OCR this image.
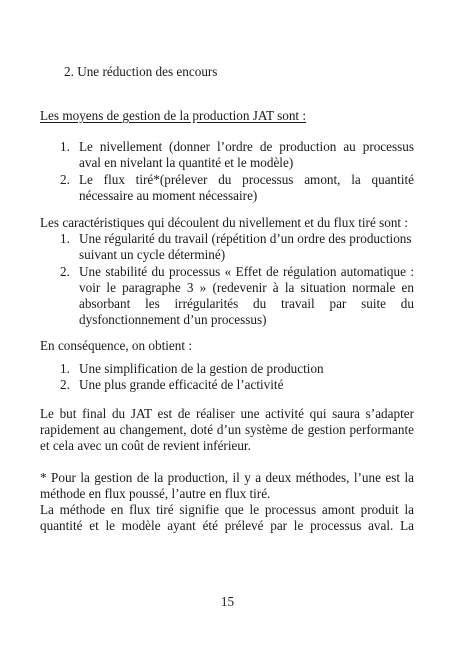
2. Une réduction des encours
Les moyens de gestion de la production JAT sont :
1. Le nivellement (donner l’ordre de production au processus
aval en nivelant la quantité et le modèle)
2. Le flux tiré*(prélever du processus amont, la quantité
nécessaire au moment nécessaire)
Les caractéristiques qui découlent du nivellement et du flux tiré sont :
1. Une régularité du travail (répétition d’un ordre des productions
suivant un cycle déterminé)
2. Une stabilité du processus « Effet de régulation automatique :
voir le paragraphe 3 » (redevenir à la situation normale en
absorbant les irrégularités du travail par suite du
dysfonctionnement d’un processus)
En conséquence, on obtient :
1. Une simplification de la gestion de production
2. Une plus grande efficacité de l’activité
Le but final du JAT est de réaliser une activité qui saura s’adapter
rapidement au changement, doté d’un système de gestion performante
et cela avec un coût de revient inférieur.
* Pour la gestion de la production, il y a deux méthodes, l’une est la
méthode en flux poussé, l’autre en flux tiré.
La méthode en flux tiré signifie que le processus amont produit la
quantité et le modèle ayant été prélevé par le processus aval. La
15
